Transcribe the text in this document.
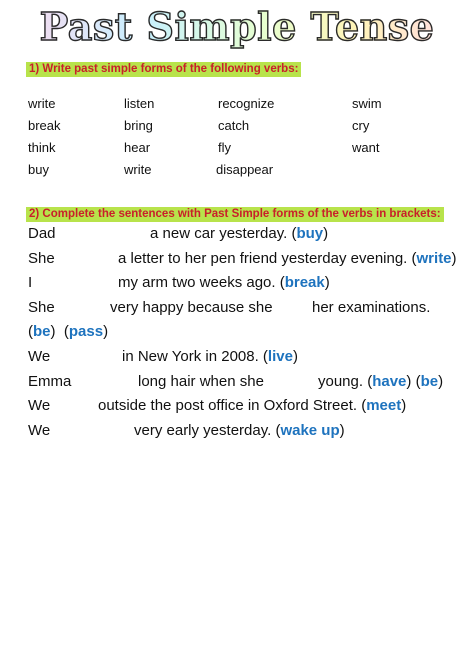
Past Simple Tense
1) Write past simple forms of the following verbs:
write	listen	recognize	swim
break	bring	catch	cry
think	hear	fly	want
buy	write	disappear
2) Complete the sentences with Past Simple forms of the verbs in brackets:
Dad	a new car yesterday. (buy)
She	a letter to her pen friend yesterday evening. (write)
I	my arm two weeks ago. (break)
She	very happy because she	her examinations.
(be) (pass)
We	in New York in 2008. (live)
Emma	long hair when she	young. (have) (be)
We	outside the post office in Oxford Street. (meet)
We	very early yesterday. (wake up)
